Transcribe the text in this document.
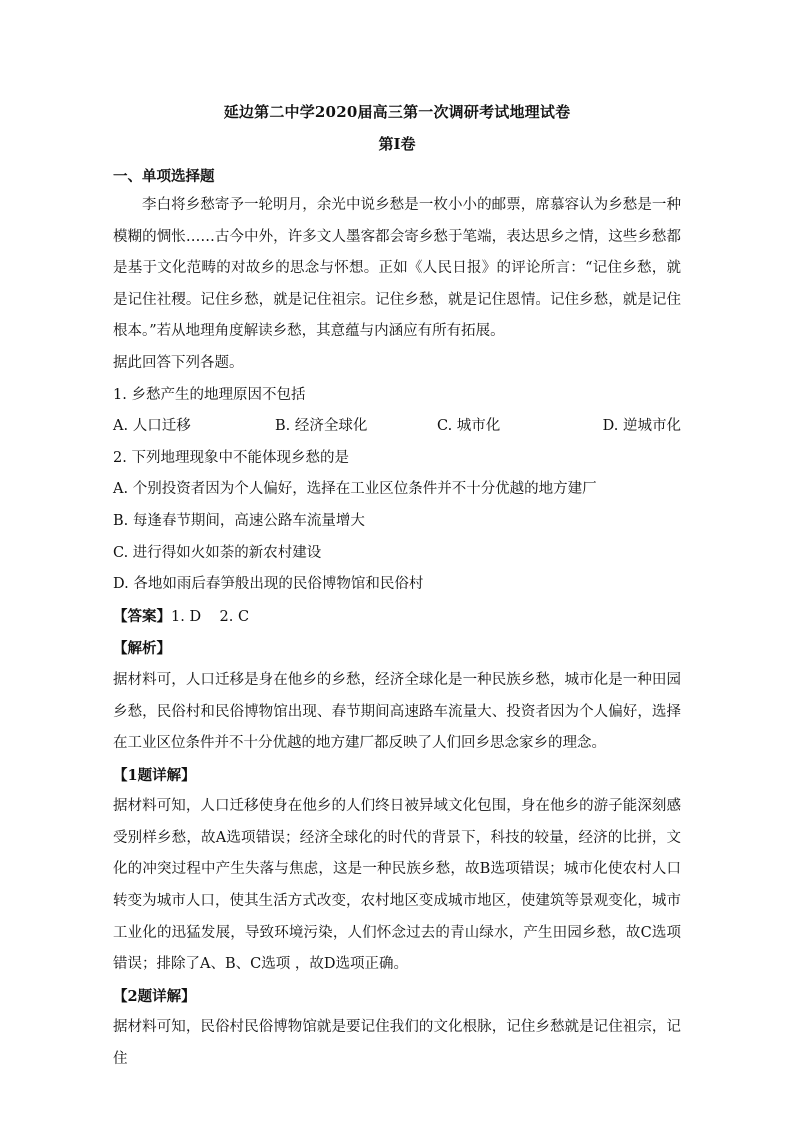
延边第二中学2020届高三第一次调研考试地理试卷
第Ⅰ卷
一、单项选择题

李白将乡愁寄予一轮明月，余光中说乡愁是一枚小小的邮票，席慕容认为乡愁是一种模糊的惆怅……古今中外，许多文人墨客都会寄乡愁于笔端，表达思乡之情，这些乡愁都是基于文化范畴的对故乡的思念与怀想。正如《人民日报》的评论所言：“记住乡愁，就是记住社稷。记住乡愁，就是记住祖宗。记住乡愁，就是记住恩情。记住乡愁，就是记住根本。”若从地理角度解读乡愁，其意蕴与内涵应有所有拓展。

据此回答下列各题。

1. 乡愁产生的地理原因不包括

A. 人口迁移	B. 经济全球化	C. 城市化	D. 逆城市化

2. 下列地理现象中不能体现乡愁的是

A. 个别投资者因为个人偏好，选择在工业区位条件并不十分优越的地方建厂

B. 每逢春节期间，高速公路车流量增大

C. 进行得如火如荼的新农村建设

D. 各地如雨后春笋般出现的民俗博物馆和民俗村

【答案】1. D    2. C

【解析】

据材料可，人口迁移是身在他乡的乡愁，经济全球化是一种民族乡愁，城市化是一种田园乡愁，民俗村和民俗博物馆出现、春节期间高速路车流量大、投资者因为个人偏好，选择在工业区位条件并不十分优越的地方建厂都反映了人们回乡思念家乡的理念。

【1题详解】

据材料可知，人口迁移使身在他乡的人们终日被异域文化包围，身在他乡的游子能深刻感受别样乡愁，故A选项错误；经济全球化的时代的背景下，科技的较量，经济的比拼，文化的冲突过程中产生失落与焦虑，这是一种民族乡愁，故B选项错误；城市化使农村人口转变为城市人口，使其生活方式改变，农村地区变成城市地区，使建筑等景观变化，城市工业化的迅猛发展，导致环境污染，人们怀念过去的青山绿水，产生田园乡愁，故C选项错误；排除了A、B、C选项 ，故D选项正确。

【2题详解】

据材料可知，民俗村民俗博物馆就是要记住我们的文化根脉，记住乡愁就是记住祖宗，记住
